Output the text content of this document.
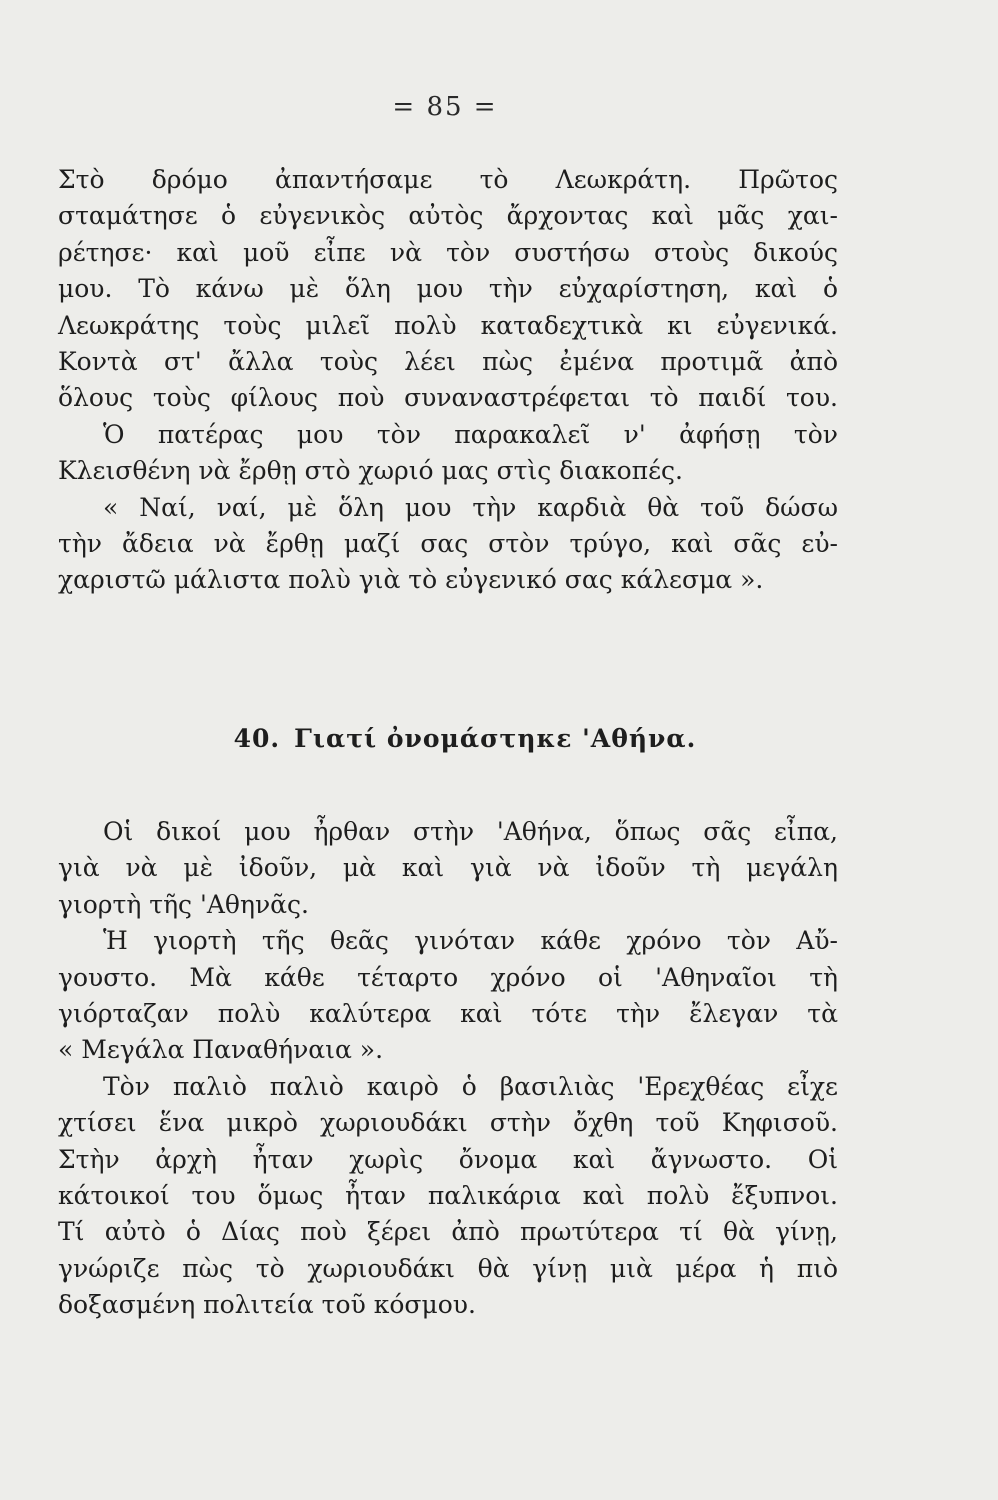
= 85 =
Στὸ δρόμο ἀπαντήσαμε τὸ Λεωκράτη. Πρῶτος
σταμάτησε ὁ εὐγενικὸς αὐτὸς ἄρχοντας καὶ μᾶς χαι-
ρέτησε· καὶ μοῦ εἶπε νὰ τὸν συστήσω στοὺς δικούς
μου. Τὸ κάνω μὲ ὅλη μου τὴν εὐχαρίστηση, καὶ ὁ
Λεωκράτης τοὺς μιλεῖ πολὺ καταδεχτικὰ κι εὐγενικά.
Κοντὰ στ' ἄλλα τοὺς λέει πὼς ἐμένα προτιμᾶ ἀπὸ
ὅλους τοὺς φίλους ποὺ συναναστρέφεται τὸ παιδί του.
Ὁ πατέρας μου τὸν παρακαλεῖ ν' ἀφήσῃ τὸν
Κλεισθένη νὰ ἔρθῃ στὸ χωριό μας στὶς διακοπές.
« Ναί, ναί, μὲ ὅλη μου τὴν καρδιὰ θὰ τοῦ δώσω
τὴν ἄδεια νὰ ἔρθῃ μαζί σας στὸν τρύγο, καὶ σᾶς εὐ-
χαριστῶ μάλιστα πολὺ γιὰ τὸ εὐγενικό σας κάλεσμα ».
40. Γιατί ὀνομάστηκε 'Αθήνα.
Οἱ δικοί μου ἦρθαν στὴν 'Αθήνα, ὅπως σᾶς εἶπα,
γιὰ νὰ μὲ ἰδοῦν, μὰ καὶ γιὰ νὰ ἰδοῦν τὴ μεγάλη
γιορτὴ τῆς 'Αθηνᾶς.
Ἡ γιορτὴ τῆς θεᾶς γινόταν κάθε χρόνο τὸν Αὔ-
γουστο. Μὰ κάθε τέταρτο χρόνο οἱ 'Αθηναῖοι τὴ
γιόρταζαν πολὺ καλύτερα καὶ τότε τὴν ἔλεγαν τὰ
« Μεγάλα Παναθήναια ».
Τὸν παλιὸ παλιὸ καιρὸ ὁ βασιλιὰς 'Ερεχθέας εἶχε
χτίσει ἕνα μικρὸ χωριουδάκι στὴν ὄχθη τοῦ Κηφισοῦ.
Στὴν ἀρχὴ ἦταν χωρὶς ὄνομα καὶ ἄγνωστο. Οἱ
κάτοικοί του ὅμως ἦταν παλικάρια καὶ πολὺ ἔξυπνοι.
Τί αὐτὸ ὁ Δίας ποὺ ξέρει ἀπὸ πρωτύτερα τί θὰ γίνῃ,
γνώριζε πὼς τὸ χωριουδάκι θὰ γίνῃ μιὰ μέρα ἡ πιὸ
δοξασμένη πολιτεία τοῦ κόσμου.
